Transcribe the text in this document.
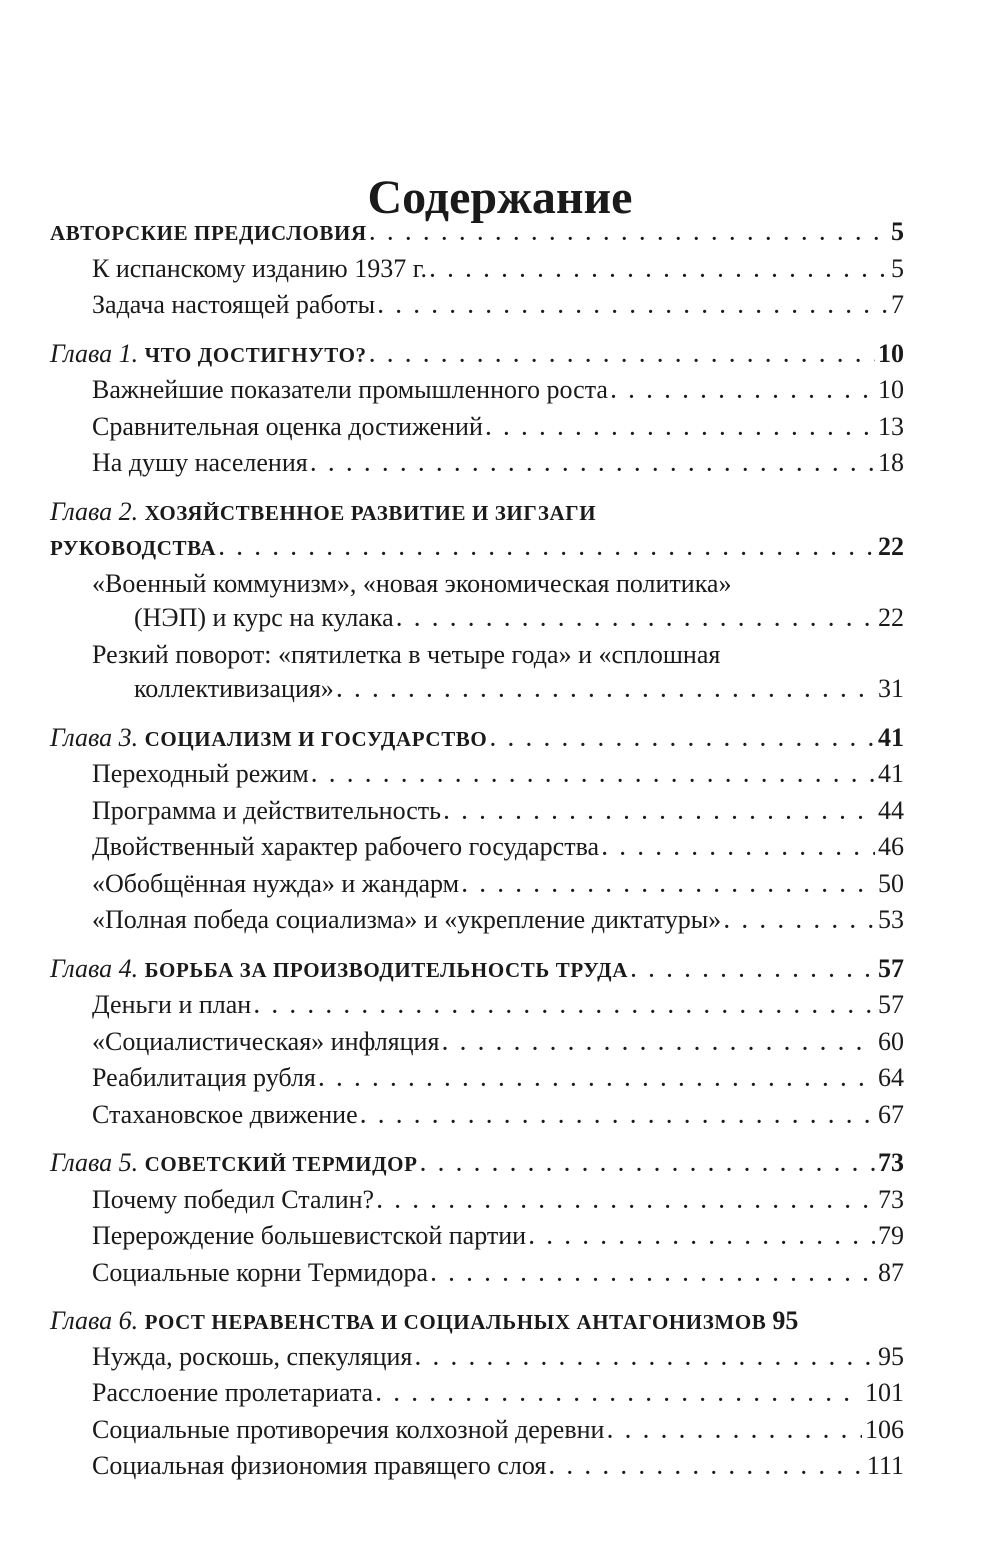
Содержание
АВТОРСКИЕ ПРЕДИСЛОВИЯ . . .	5
К испанскому изданию 1937 г. . . .	5
Задача настоящей работы . . .	7
Глава 1.
ЧТО ДОСТИГНУТО? . . .	10
Важнейшие показатели промышленного роста . . .	10
Сравнительная оценка достижений . . .	13
На душу населения . . .	18
Глава 2. ХОЗЯЙСТВЕННОЕ РАЗВИТИЕ И ЗИГЗАГИ
РУКОВОДСТВА . . .	22
«Военный коммунизм», «новая экономическая политика»
(НЭП) и курс на кулака . . .	22
Резкий поворот: «пятилетка в четыре года» и «сплошная
коллективизация» . . .	31
Глава 3.
СОЦИАЛИЗМ И ГОСУДАРСТВО . . .	41
Переходный режим . . .	41
Программа и действительность . . .	44
Двойственный характер рабочего государства . . .	46
«Обобщённая нужда» и жандарм . . .	50
«Полная победа социализма» и «укрепление диктатуры» . . .	53
Глава 4.
БОРЬБА ЗА ПРОИЗВОДИТЕЛЬНОСТЬ ТРУДА . . .	57
Деньги и план . . .	57
«Социалистическая» инфляция . . .	60
Реабилитация рубля . . .	64
Стахановское движение . . .	67
Глава 5.
СОВЕТСКИЙ ТЕРМИДОР . . .	73
Почему победил Сталин? . . .	73
Перерождение большевистской партии . . .	79
Социальные корни Термидора . . .	87
Глава 6.
РОСТ НЕРАВЕНСТВА И СОЦИАЛЬНЫХ АНТАГОНИЗМОВ 95
Нужда, роскошь, спекуляция . . .	95
Расслоение пролетариата . . .	101
Социальные противоречия колхозной деревни . . .	106
Социальная физиономия правящего слоя . . .	111
